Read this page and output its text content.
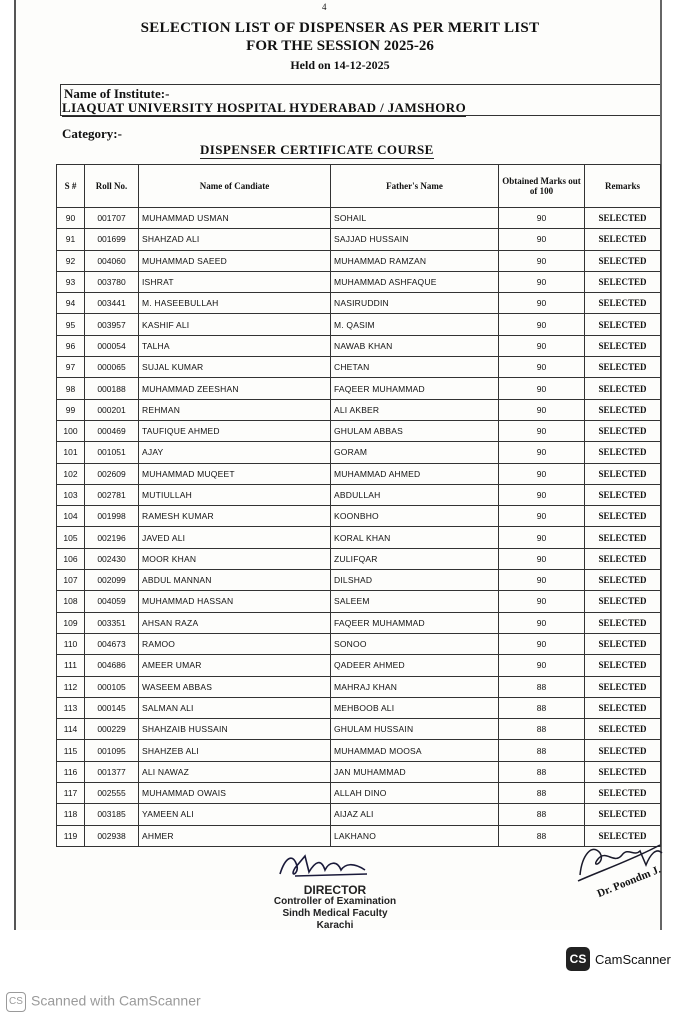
4
SELECTION LIST OF DISPENSER AS PER MERIT LIST
FOR THE SESSION 2025-26
Held on 14-12-2025
Name of Institute:-
LIAQUAT UNIVERSITY HOSPITAL HYDERABAD / JAMSHORO
Category:-
DISPENSER CERTIFICATE COURSE
S #	Roll No.	Name of Candiate	Father's Name	Obtained Marks out of 100	Remarks
90	001707	MUHAMMAD USMAN	SOHAIL	90	SELECTED
91	001699	SHAHZAD ALI	SAJJAD HUSSAIN	90	SELECTED
92	004060	MUHAMMAD SAEED	MUHAMMAD RAMZAN	90	SELECTED
93	003780	ISHRAT	MUHAMMAD ASHFAQUE	90	SELECTED
94	003441	M. HASEEBULLAH	NASIRUDDIN	90	SELECTED
95	003957	KASHIF ALI	M. QASIM	90	SELECTED
96	000054	TALHA	NAWAB KHAN	90	SELECTED
97	000065	SUJAL KUMAR	CHETAN	90	SELECTED
98	000188	MUHAMMAD ZEESHAN	FAQEER MUHAMMAD	90	SELECTED
99	000201	REHMAN	ALI AKBER	90	SELECTED
100	000469	TAUFIQUE AHMED	GHULAM ABBAS	90	SELECTED
101	001051	AJAY	GORAM	90	SELECTED
102	002609	MUHAMMAD MUQEET	MUHAMMAD AHMED	90	SELECTED
103	002781	MUTIULLAH	ABDULLAH	90	SELECTED
104	001998	RAMESH KUMAR	KOONBHO	90	SELECTED
105	002196	JAVED ALI	KORAL KHAN	90	SELECTED
106	002430	MOOR KHAN	ZULIFQAR	90	SELECTED
107	002099	ABDUL MANNAN	DILSHAD	90	SELECTED
108	004059	MUHAMMAD HASSAN	SALEEM	90	SELECTED
109	003351	AHSAN RAZA	FAQEER MUHAMMAD	90	SELECTED
110	004673	RAMOO	SONOO	90	SELECTED
111	004686	AMEER UMAR	QADEER AHMED	90	SELECTED
112	000105	WASEEM ABBAS	MAHRAJ KHAN	88	SELECTED
113	000145	SALMAN ALI	MEHBOOB ALI	88	SELECTED
114	000229	SHAHZAIB HUSSAIN	GHULAM HUSSAIN	88	SELECTED
115	001095	SHAHZEB ALI	MUHAMMAD MOOSA	88	SELECTED
116	001377	ALI NAWAZ	JAN MUHAMMAD	88	SELECTED
117	002555	MUHAMMAD OWAIS	ALLAH DINO	88	SELECTED
118	003185	YAMEEN ALI	AIJAZ ALI	88	SELECTED
119	002938	AHMER	LAKHANO	88	SELECTED
DIRECTOR
Controller of Examination
Sindh Medical Faculty
Karachi
Dr. Poondm J.
CS CamScanner
CS Scanned with CamScanner
